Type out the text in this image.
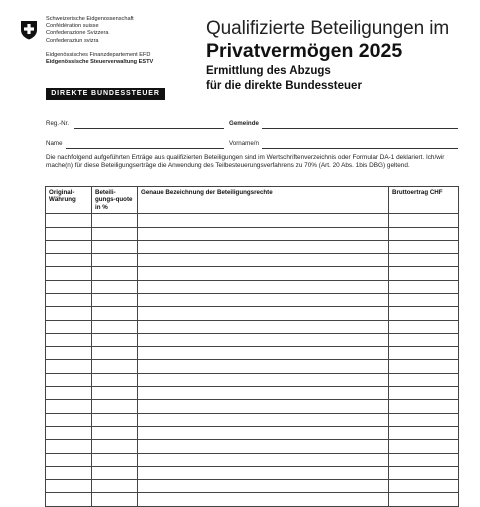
Schweizerische Eidgenossenschaft
Confédération suisse
Confederazione Svizzera
Confederaziun svizra
Eidgenössisches Finanzdepartement EFD
Eidgenössische Steuerverwaltung ESTV
DIREKTE BUNDESSTEUER
Qualifizierte Beteiligungen im
Privatvermögen 2025
Ermittlung des Abzugs
für die direkte Bundessteuer
Reg.-Nr.	Gemeinde
Name	Vorname/n
Die nachfolgend aufgeführten Erträge aus qualifizierten Beteiligungen sind im Wertschriftenverzeichnis oder Formular DA-1 deklariert. Ich/wir mache(n) für diese Beteiligungserträge die Anwendung des Teilbesteuerungsverfahrens zu 70% (Art. 20 Abs. 1bis DBG) geltend.
Original-Währung	Beteili-gungs-quote in %	Genaue Bezeichnung der Beteiligungsrechte	Bruttoertrag CHF
